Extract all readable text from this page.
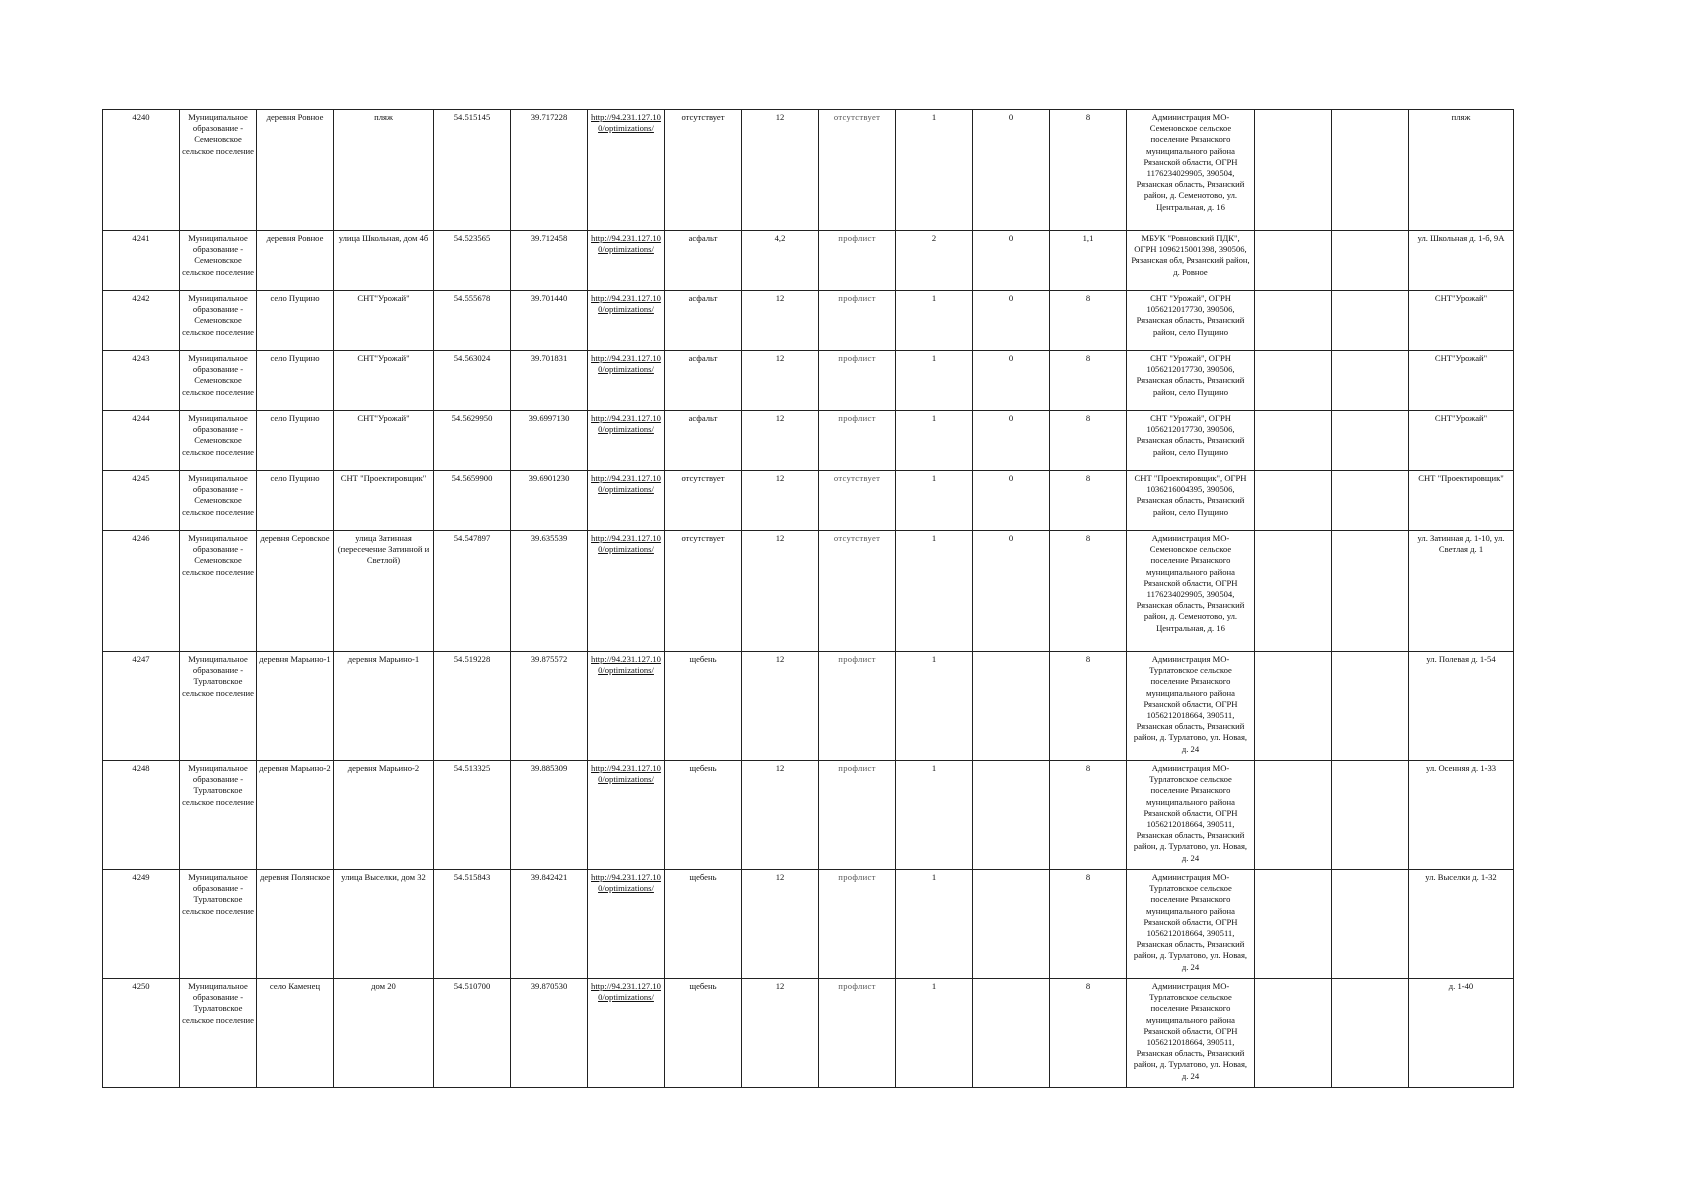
4240	Муниципальное образование - Семеновское сельское поселение	деревня Ровное	пляж	54.515145	39.717228	http://94.231.127.10 0/optimizations/	отсутствует	12	отсутствует	1	0	8	Администрация МО-Семеновское сельское поселение Рязанского муниципального района Рязанской области, ОГРН 1176234029905, 390504, Рязанская область, Рязанский район, д. Семенотово, ул. Центральная, д. 16			пляж
4241	Муниципальное образование - Семеновское сельское поселение	деревня Ровное	улица Школьная, дом 4б	54.523565	39.712458	http://94.231.127.10 0/optimizations/	асфальт	4,2	профлист	2	0	1,1	МБУК "Ровновский ПДК", ОГРН 1096215001398, 390506, Рязанская обл, Рязанский район, д. Ровное			ул. Школьная д. 1-б, 9А
4242	Муниципальное образование - Семеновское сельское поселение	село Пущино	СНТ"Урожай"	54.555678	39.701440	http://94.231.127.10 0/optimizations/	асфальт	12	профлист	1	0	8	СНТ "Урожай", ОГРН 1056212017730, 390506, Рязанская область, Рязанский район, село Пущино			СНТ"Урожай"
4243	Муниципальное образование - Семеновское сельское поселение	село Пущино	СНТ"Урожай"	54.563024	39.701831	http://94.231.127.10 0/optimizations/	асфальт	12	профлист	1	0	8	СНТ "Урожай", ОГРН 1056212017730, 390506, Рязанская область, Рязанский район, село Пущино			СНТ"Урожай"
4244	Муниципальное образование - Семеновское сельское поселение	село Пущино	СНТ"Урожай"	54.5629950	39.6997130	http://94.231.127.10 0/optimizations/	асфальт	12	профлист	1	0	8	СНТ "Урожай", ОГРН 1056212017730, 390506, Рязанская область, Рязанский район, село Пущино			СНТ"Урожай"
4245	Муниципальное образование - Семеновское сельское поселение	село Пущино	СНТ "Проектировщик"	54.5659900	39.6901230	http://94.231.127.10 0/optimizations/	отсутствует	12	отсутствует	1	0	8	СНТ "Проектировщик", ОГРН 1036216004395, 390506, Рязанская область, Рязанский район, село Пущино			СНТ "Проектировщик"
4246	Муниципальное образование - Семеновское сельское поселение	деревня Серовское	улица Затинная (пересечение Затинной и Светлой)	54.547897	39.635539	http://94.231.127.10 0/optimizations/	отсутствует	12	отсутствует	1	0	8	Администрация МО-Семеновское сельское поселение Рязанского муниципального района Рязанской области, ОГРН 1176234029905, 390504, Рязанская область, Рязанский район, д. Семенотово, ул. Центральная, д. 16			ул. Затинная д. 1-10, ул. Светлая д. 1
4247	Муниципальное образование - Турлатовское сельское поселение	деревня Марьино-1	деревня Марьино-1	54.519228	39.875572	http://94.231.127.10 0/optimizations/	щебень	12	профлист	1		8	Администрация МО-Турлатовское сельское поселение Рязанского муниципального района Рязанской области, ОГРН 1056212018664, 390511, Рязанская область, Рязанский район, д. Турлатово, ул. Новая, д. 24			ул. Полевая д. 1-54
4248	Муниципальное образование - Турлатовское сельское поселение	деревня Марьино-2	деревня Марьино-2	54.513325	39.885309	http://94.231.127.10 0/optimizations/	щебень	12	профлист	1		8	Администрация МО-Турлатовское сельское поселение Рязанского муниципального района Рязанской области, ОГРН 1056212018664, 390511, Рязанская область, Рязанский район, д. Турлатово, ул. Новая, д. 24			ул. Осенняя д. 1-33
4249	Муниципальное образование - Турлатовское сельское поселение	деревня Полянское	улица Выселки, дом 32	54.515843	39.842421	http://94.231.127.10 0/optimizations/	щебень	12	профлист	1		8	Администрация МО-Турлатовское сельское поселение Рязанского муниципального района Рязанской области, ОГРН 1056212018664, 390511, Рязанская область, Рязанский район, д. Турлатово, ул. Новая, д. 24			ул. Выселки д. 1-32
4250	Муниципальное образование - Турлатовское сельское поселение	село Каменец	дом 20	54.510700	39.870530	http://94.231.127.10 0/optimizations/	щебень	12	профлист	1		8	Администрация МО-Турлатовское сельское поселение Рязанского муниципального района Рязанской области, ОГРН 1056212018664, 390511, Рязанская область, Рязанский район, д. Турлатово, ул. Новая, д. 24			д. 1-40
